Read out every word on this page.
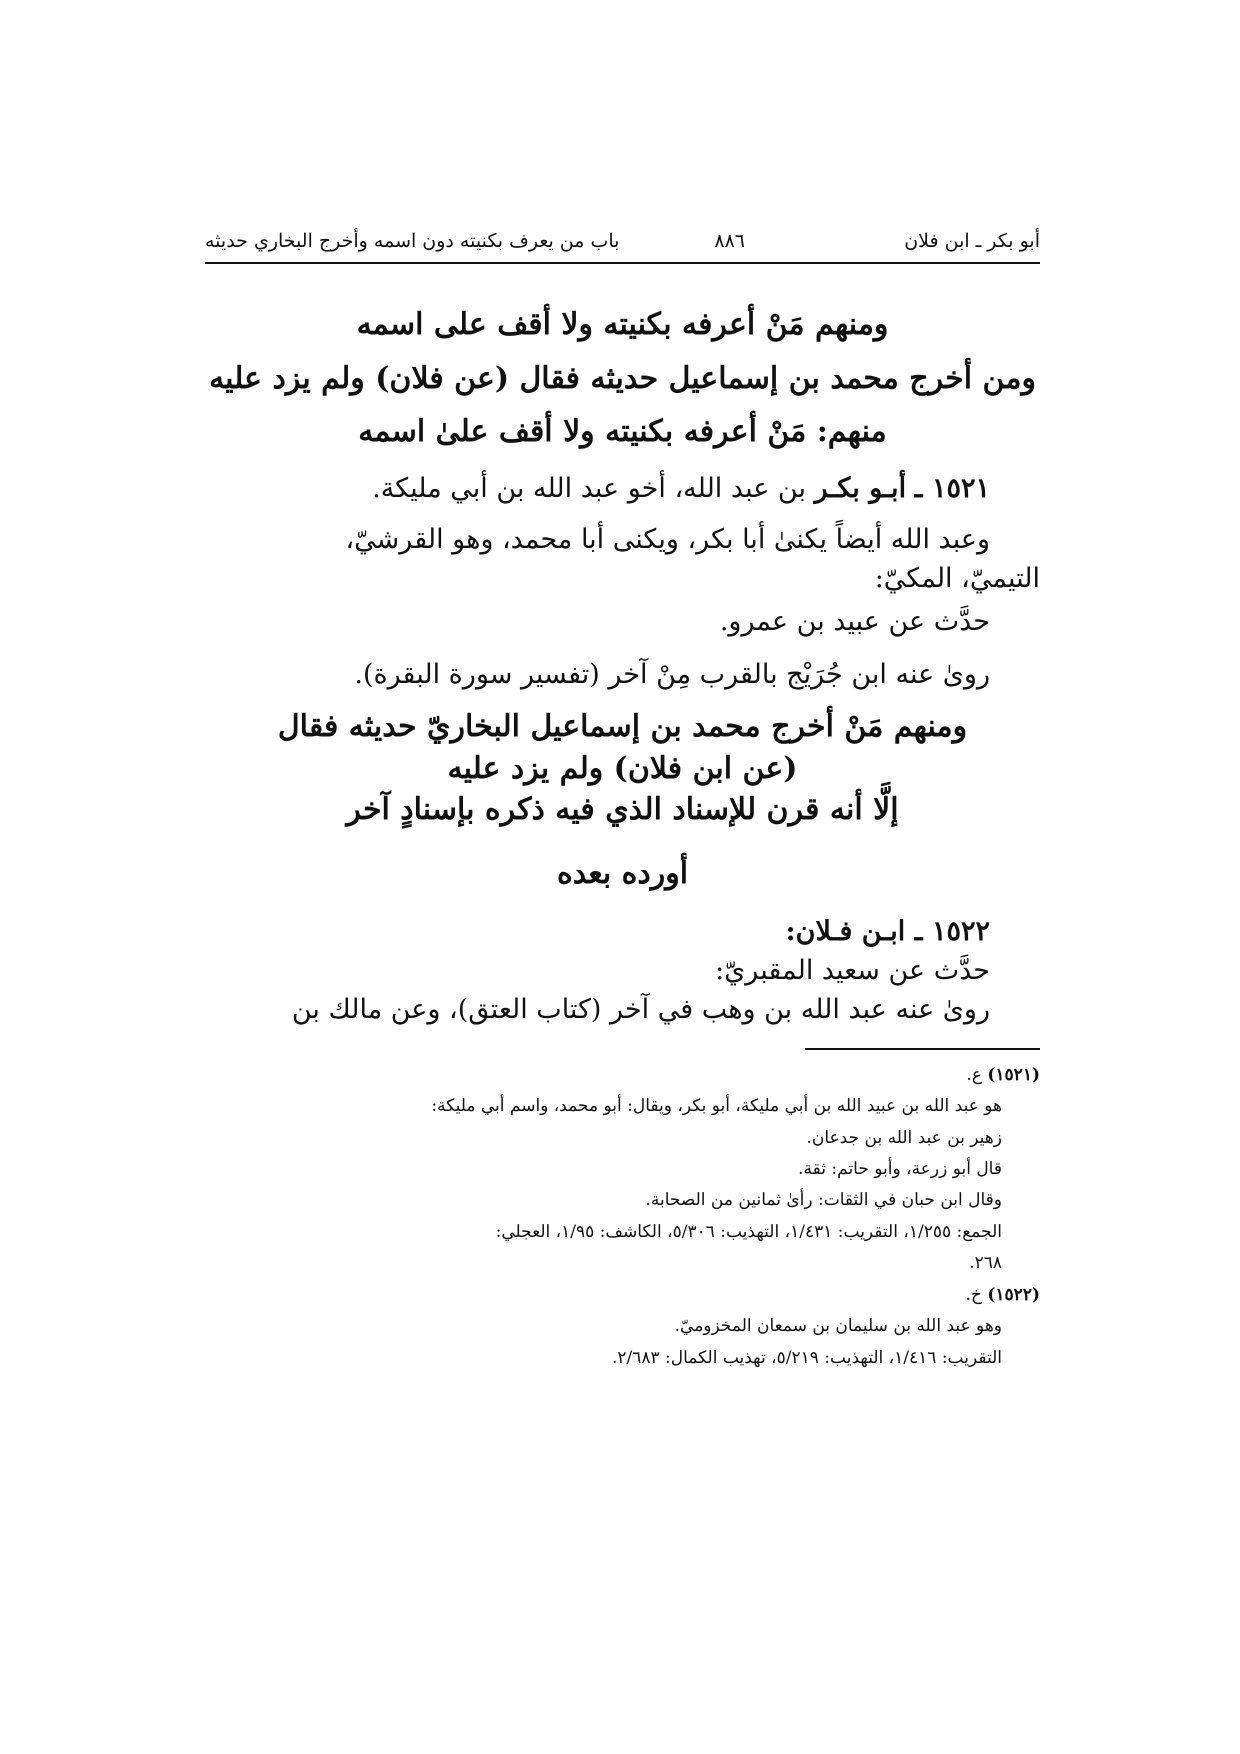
أبو بكر ـ ابن فلان
٨٨٦
باب من يعرف بكنيته دون اسمه وأخرج البخاري حديثه

ومنهم مَنْ أعرفه بكنيته ولا أقف على اسمه

ومن أخرج محمد بن إسماعيل حديثه فقال (عن فلان) ولم يزد عليه

منهم: مَنْ أعرفه بكنيته ولا أقف علىٰ اسمه

١٥٢١ ـ أبـو بكـر بن عبد الله، أخو عبد الله بن أبي مليكة.

وعبد الله أيضاً يكنىٰ أبا بكر، ويكنى أبا محمد، وهو القرشيّ،

التيميّ، المكيّ:

حدَّث عن عبيد بن عمرو.

روىٰ عنه ابن جُرَيْج بالقرب مِنْ آخر (تفسير سورة البقرة).

ومنهم مَنْ أخرج محمد بن إسماعيل البخاريّ حديثه فقال

(عن ابن فلان) ولم يزد عليه

إلَّا أنه قرن للإسناد الذي فيه ذكره بإسنادٍ آخر

أورده بعده

١٥٢٢ ـ ابـن فـلان:

حدَّث عن سعيد المقبريّ:

روىٰ عنه عبد الله بن وهب في آخر (كتاب العتق)، وعن مالك بن

(١٥٢١) ع.

هو عبد الله بن عبيد الله بن أبي مليكة، أبو بكر، ويقال: أبو محمد، واسم أبي مليكة:

زهير بن عبد الله بن جدعان.

قال أبو زرعة، وأبو حاتم: ثقة.

وقال ابن حبان في الثقات: رأىٰ ثمانين من الصحابة.

الجمع: ١/٢٥٥، التقريب: ١/٤٣١، التهذيب: ٥/٣٠٦، الكاشف: ١/٩٥، العجلي:

٢٦٨.

(١٥٢٢) خ.

وهو عبد الله بن سليمان بن سمعان المخزوميّ.

التقريب: ١/٤١٦، التهذيب: ٥/٢١٩، تهذيب الكمال: ٢/٦٨٣.
